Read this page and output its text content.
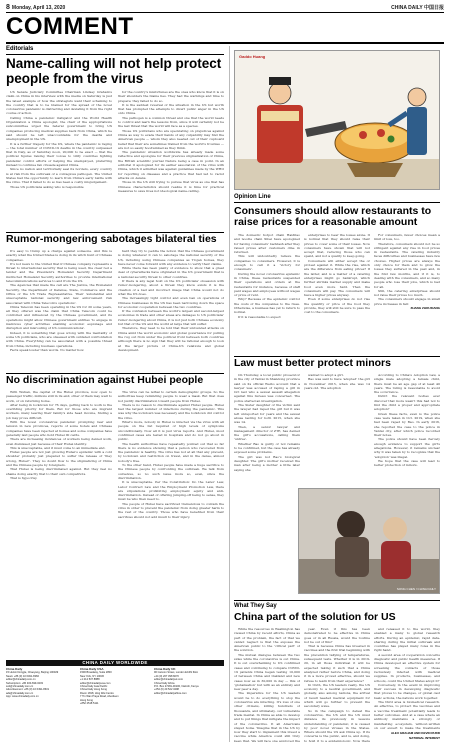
8 Monday, April 13, 2020	CHINA DAILY 中国日报
COMMENT
Editorials
Name-calling will not help protect people from the virus

US Senate Judiciary Committee Chairman Lindsey Graham's claim on China in his interview with the media on Saturday is just the latest example of how the strategists want their scheming to the country that is to be blamed for the spread of the novel coronavirus pandemic is distracting and deviating it from the right course of action.

Calling China a pandemic instigator and the World Health Organization a China apologist, the chair of the appropriations subcommittee urged the federal government to bring US companies producing medical supplies back from China, which he said should be left unaccountable for the deaths and unemployment in the US.

It is a further tragedy for the US, where the pandemic is raging — the total number of COVID-19 deaths in the country surpassed that in Italy, as of Saturday noon, 20,000 to be exact — that the political figures raising their voices to vilify countries fighting pandemic control efforts or helping the unemployed, preferring instead to continue fan crusade against China.

Since no nation and territorially seal its borders, every country is at risk from the outbreak of a contagious pathogen. The United States had the opportunity to learn from China's early battle with the virus. That it failed to do so has been a costly misjudgement.

Those US politicians asking who is responsible

for the country's misfortunes are the ones who know that it is on their shoulders the blame lies. They had the warnings and time to prepare; they failed to do so.

It is the saddest reversal of the situation in the US but worth that has prompted the attempts to divert public anger in the US onto China.

The pathogen is a common threat and one that the world needs to control and learn the lessons from, since it will certainly not be the last threat that the world will face as a species.

Those US politicians who are speculating on prejudices against China as way to evade their hands of any culpability may find the American people — whom they also needed out of their cupboard belief that their are sometimes trained from the world's troubles — are not so easily hoodwinked as they think.

The pandemic situation worldwide has already made some reflective and apologize for their previous stigmatization of China, the British scientific journal Nature being a case in point. In an editorial it apologized for its earlier association of the virus with China, which it admitted was against guidelines made by the WHO for reporting on diseases and a practice that had led to racist attacks on Asians.

Those in the US still trying to pursue that virus as one that has Chinese characteristics should realize it is time for practical measures to save lives not ideological name-calling.

Rumor-mongering sabotages bilateral ties

It's easy to trump up a charge against someone. And this is exactly what the United States is doing in its witch hunt of Chinese companies.

It's not news to the United that if Chinese company represents a threat to international security that is being used, the clear red a tender and the President's Homeland Security Department instructed Homeland Security authorities to provide international telecommunications services to and from the US.

The Agencies that made the call are The Justice, the Homeland Security, the Department of Defense, State, Commerce and the Office of the US Trade Representative. Their 'substantial and unacceptable national security and law enforcement risk associated with China Telecom's operations'.

China Telecom has been operating in the US for 20 some years, all they offered was the claim that China Telecom could be controlled and influenced by the Chinese government, and its operations might allow Chinese government entities 'to engage in malicious cyber activities enabling economic espionage and disruption and misrouting of US communications'.

Indeed, it is something that goes wrong with the mentality of some US politicians, who are obsessed with outdated confrontation with China. Everything can be associated with a possible threat from China, including business operations.

Facts speak louder than words. No matter how

hard they try to peddle the notion that the Chinese government is doing whatever it can to sabotage the national security of the US, including using Chinese companies as Trojan horses, they have never come forward with any evidence to verify their claims.

While there has been plenty of evidence to show that a great deal of cyberattacks have originated in the US government that is a national security threat to other countries.

If there is any legal hold on the US politicians' obsession with rumor-mongering, about a threat they know exists it is the creation of a bad and incorrect image that China would not do what the US does.

The increasingly tight control and even ban on operations of Chinese businesses in the US has been narrowing down the space for economic cooperation between the two countries.

If the confusion between the world's largest and second-largest economies in trade and other areas are damages to US politicians' rumor-mongering about China, it is not just both Chinese economy but that of the US and the world at large that will suffer.

Therefore, they need to be told that their unfounded attacks on China amid the world economic and global governance for pulling the rug out from under the political front between both countries although there is no sign that they will be rational enough to look at the larger picture of China-US relations and global development.

No discrimination against Hubei people

With Wuhan, the capital of the Hubei province, now open to passenger traffic, millions still in its end; other of them may wait to work, or on returning home.

After being in lockdown for 76 days, getting back to work is the overriding priority for them. But for those who are migrant workers, many leaving their family's side head income, finding a job may prove difficult.

With the novel coronavirus pandemic prompting fear and tension in new provinces, reports of some hotels and Chinese companies have been rejected at homes and some companies have generally laid people who hold Hubei ID cards.

There are increasing incidences of workers being denied work, even dismissed just because of their Hubei identity.

This is unacceptable, and it must come to an immediate end.

Hubei people are not just growing Hubei's epidemic with a cold shoulder probably just prepared to suffer the release of 'they wrong, Hubei!'. They no doubt flow to the stigmatizing of China and the Chinese people by foreigners.

That Hubei is being discriminated against. But they feel no shame doing exactly that to their own compatriots.

That is hypocrisy.

The virus can be lethal to certain demographic groups. So the authorities keep reminding people to wear a mask. But that does not justify discrimination toward people from Hubei.

There is no reason to discriminate against Hubei people. Hubei had the largest number of infections during the pandemic. This was why the lockdown was necessary and the lockdown did control the virus.

What's more, nobody in Hubei is infected via the virus with all people on the list required of high levels of symptoms unconditionally. Now all it is just virus reports. And Hubei, most confirmed cases are tested in hospitals and do not go about in public.

The health authorities have repeatedly pointed out that so far there is no evidence showing that a person who recovered from the pandemic is healthy. The virus has not at all that any prevent, by lockdown and restriction on travel, and in the dense, almost nobody's free.

To the other hand, Hubei people have made a huge sacrifice to the Chinese people by confronting the outbreak. We talk from ourselves, so no such issue more so, even, since the discrimination.

It is unacceptable. Per the Constitution: Do the Labor Law, Labor Contract Law and the Employment Promotion Law, there are stipulations prohibiting employment equity and anti-discrimination. Instead of offering jumping-off being to sense, they must be who then need to.

The people of Hubei have sacrificed tremendous to contain the virus in order to prevent the pandemic from doing greater harm to the rest of the country. Those who have benefited from their sacrifices should not add insult to their injury.

CHINA DAILY WORLDWIDE
China Daily
15 Huixin Dongjie, Chaoyang, Beijing 100029
News: +86 (0) 10 6491-8366
editor@chinadaily.com.cn
Subscription: +86 400-699-0203
sub@chinadaily.com.cn
Advertisement: +86 (0) 10 6491-8631
ads@chinadaily.com.cn
App: www.chinadaily.com.cn
China Daily USA
1500 Broadway, Suite 2800
New York, NY 10036
+1 212 537 8888
editor@chinadailyusa.com
China Daily Asia Pacific
China Daily Hong Kong
Room 1818, Hing Wai Centre
7 Tin Wan Praya Road, Aberdeen
Hong Kong
+852 2518 5111
China Daily UK
90 Cannon Street, London EC4N 6HA
+44 (0) 207 398 8270
editor@chinadailyuk.com
China Daily Africa
P.O. Box 27281-00100, Nairobi, Kenya
+254 (0) 20 522 3498
editor@chinadailyafrica.com
Gaddo Huang
Opinion Line
Consumers should allow restaurants to raise prices for a reasonable amount

The domestic hotpot chain Haidilao and noodle chain Xibei have apologized for having consumers' backlash after they raised prices after customers dine in returned.

This will undoubtedly relieve the companies to consumers. However, it is enough to call it a 'victory for consumers'.

During the novel coronavirus epidemic in China, these restaurants suspended their operations and orders at the restaurants for instance, because of staff paid wages and employees without wages or price of rent.

Why? Because of the epidemic control the costs of the companies to the rises. Otherwise, a business has yet to return to normal.

If it is reasonable to expect

enterprises to bear the losses alone. It is normal that they should raise their prices to cover some of their losses. Now consumers have shown that will not accept that, reducing those who can spend, and not a quality to keep going.

Consumers will either accept the or protest against it. While the rise, which are the difference from eating prices? If the latter, and is a matter of a catering enterprises might go bankrupt, which further shrinks market supply and make food even more hard. Then the consumers will pay. The consumers will have a higher prices anyway.

Even if some enterprises do not rise the quantity or price of the food they provide, they will still be sure to pass the cost to the consumers.

For consumers, fewer choices mean a limit of loss, too.

Therefore, consumers should not be so stringent against any rise in food prices in restaurants. The catering industry faces difficulties and businesses have few choices. Higher prices are always the only choice for them and to grow the losses they suffered in the past and, in the first few months, and if it is, to dealing with the consumers, and so many people who lose their jobs, which is bad for all.

Still, the catering enterprises should not raise their prices too much.

The consumers should engage in small price increases in fair.

ZHANG ZHOUXIANG
Law must better protect minors

On Thursday, a local public prosecutor in the city of Yantai in Shandong province said on its official Weibo account that a lawyer was accused of raping a girl in Oct last who a sexual assault allegation against this bureau was concerned. The police started an investigation.

The Sister daughter of the victim said the lawyer had raped the girl but it was left unreported for years and the sexual abuse lasting for both 2015, when she was 14.

Then, a senior lawyer and management director of ZTE, has denied the girl's accusations, calling them 'untrue'.

Whether Bao is guilty or not remains to be confirmed, but the case has already exposed some problems.

The girl was not Bao's biological daughter. The girl's mother received the man after being a mother a little later saying she

wanted to adopt a girl.

Bao was said to have 'adopted' the girl in November 2015, when she was 14 years old. The adoption

According to China's Adoption Law, a single male adopting a female child, there must be an age gap of at least 40 years. The ruling is reasonable to avoid the occurrence.

Didn't the relevant bodies ever discover that more wasn't this had not to find the child a proper and appropriate adoption?

Given these facts, even is the police case were taken in Oct. 2019, when she had been raped by Bao. In early 2016, she reported the case to the police in Yantai city, after which police recorded their notes.

The police should have been fiercely enough evidence to support the girl's allegations. However, it remains unclear why it was taken by to recognize that the 'adoption' was illegal.

We hope that the case will lead to better protection of minors.

SONG CHEN / CHINA DAILY
What They Say
China part of the solution for US

While the resources in Washington has viewed China by recent efforts, China as part of the problem, the fact of that we cannot neglect is that the exposes the American public to the 'critical part' of the solution.

The mutual dialogue between the two sides while the coronavirus is out China. It is out overwhelming to US confirmed cases and continuing to compare COVID-19 patients China began testing 10,000 of between China and Oakland and new cases now as in 30,000 in day — this of 'globalisation' but with as an entirely and new peer a day.

The imperative for the US leaders would be to do everything to stop the coronavirus are infecting. It's loss of one other citizens, killing hundreds of thousands, and ultimately, our vulnerable trade mental. In China as able to develop and to put things that mitigate the impact of the coronavirus. It all Americans stayed home 'Imagine that in the US by now they start to implement this invest a vaccine while America could still truly keep that. We will face one approved the

year. Even if this has been demonstrated to be effective in China goes or in all Russia, would the routine not be out of this?

That is because China has invested in vaccines and the first trial beginning with the prevention tallying of temperatures, subsequent tests. Whether it is in 2019-20, in all those individual it will be expected taking it such that a China analyzed rather before China, and doing it in a more proved effective, should we refuse to learn from their experience?

In truth, the US leaders really, the US economy to a neutral government, and globally, also among nations, the arrival of result needed medical equipment for which will go further to prevent the secondary wave.

So in the campaign to defeat the coronavirus, the US and the US must distance its previously in lessons understanding of pandemic, it is caused by poor novel viruses in the States. Where should the US ask China up. If its concerns is the public, and is, and doing, to hold it to a epidemiologic. Now there

and released it to the world, they enabled a many to global research efforts. During an epidemic, rapid data-sharing during the initial outbreak and countries has played many roles in the right hand.

A second area of cooperation concerns diagnostic and public health measures. If China developed an effective system for screening the contacts of those reclusively infected with medical supplies. In products, businesses, and schools, could the United States adopt it?

Conversely, in the event in improving their success in developing diagnostic that proves to be changes, or global cast basic actions, the nations work together.

The third area is biomedical research. An effective, to protect the vaccines and a vaccine treatment potentially leads to better outcomes. And at a case where an antibody maintains a strongly or manifesting ecosystem, without-written on our expert to make the treatments

ALEX GRAHAM AND KEVIN RUDD
NATIONAL INTEREST
